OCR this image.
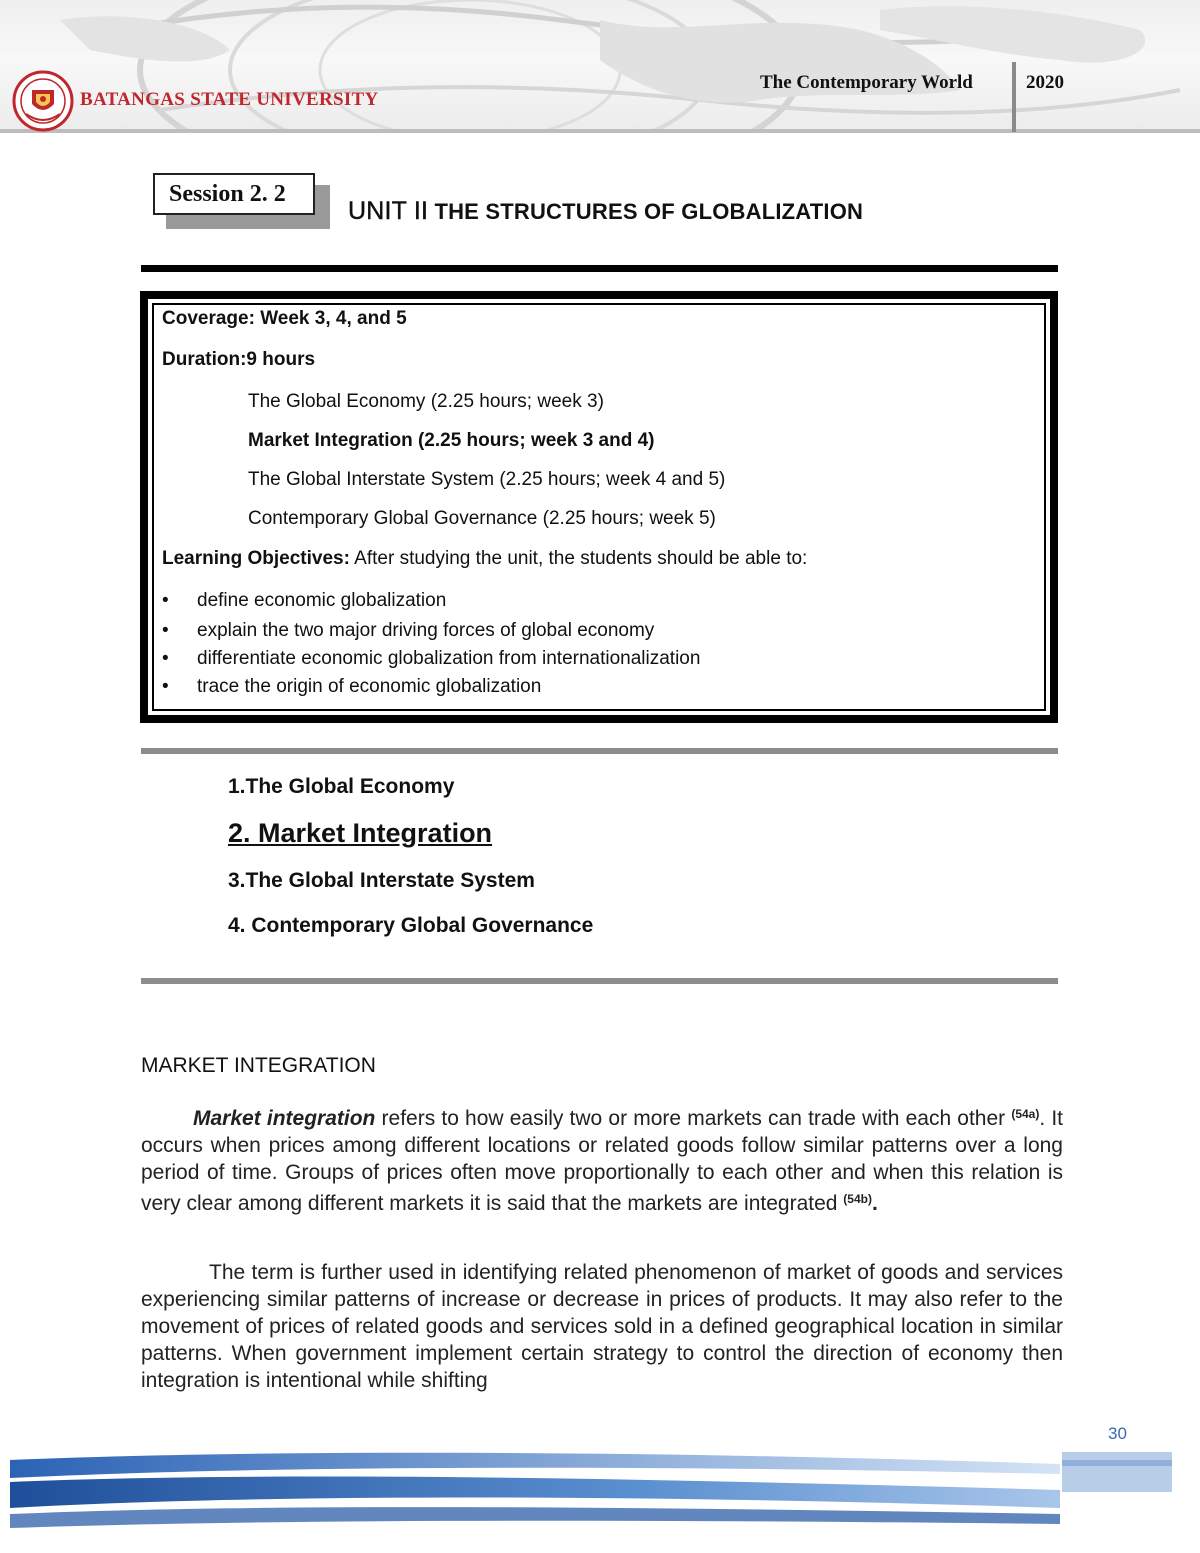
BATANGAS STATE UNIVERSITY
The Contemporary World	2020
Session 2. 2
UNIT II THE STRUCTURES OF GLOBALIZATION
Coverage: Week 3, 4, and 5
Duration:9 hours
The Global Economy (2.25 hours; week 3)
Market Integration (2.25 hours; week 3 and 4)
The Global Interstate System (2.25 hours; week 4 and 5)
Contemporary Global Governance (2.25 hours; week 5)
Learning Objectives: After studying the unit, the students should be able to:
• define economic globalization
• explain the two major driving forces of global economy
• differentiate economic globalization from internationalization
• trace the origin of economic globalization
1.The Global Economy
2. Market Integration
3.The Global Interstate System
4. Contemporary Global Governance
MARKET INTEGRATION
Market integration refers to how easily two or more markets can trade with each other $^{(54a)}$. It occurs when prices among different locations or related goods follow similar patterns over a long period of time. Groups of prices often move proportionally to each other and when this relation is very clear among different markets it is said that the markets are integrated $^{(54b)}$.
The term is further used in identifying related phenomenon of market of goods and services experiencing similar patterns of increase or decrease in prices of products. It may also refer to the movement of prices of related goods and services sold in a defined geographical location in similar patterns. When government implement certain strategy to control the direction of economy then integration is intentional while shifting
30
